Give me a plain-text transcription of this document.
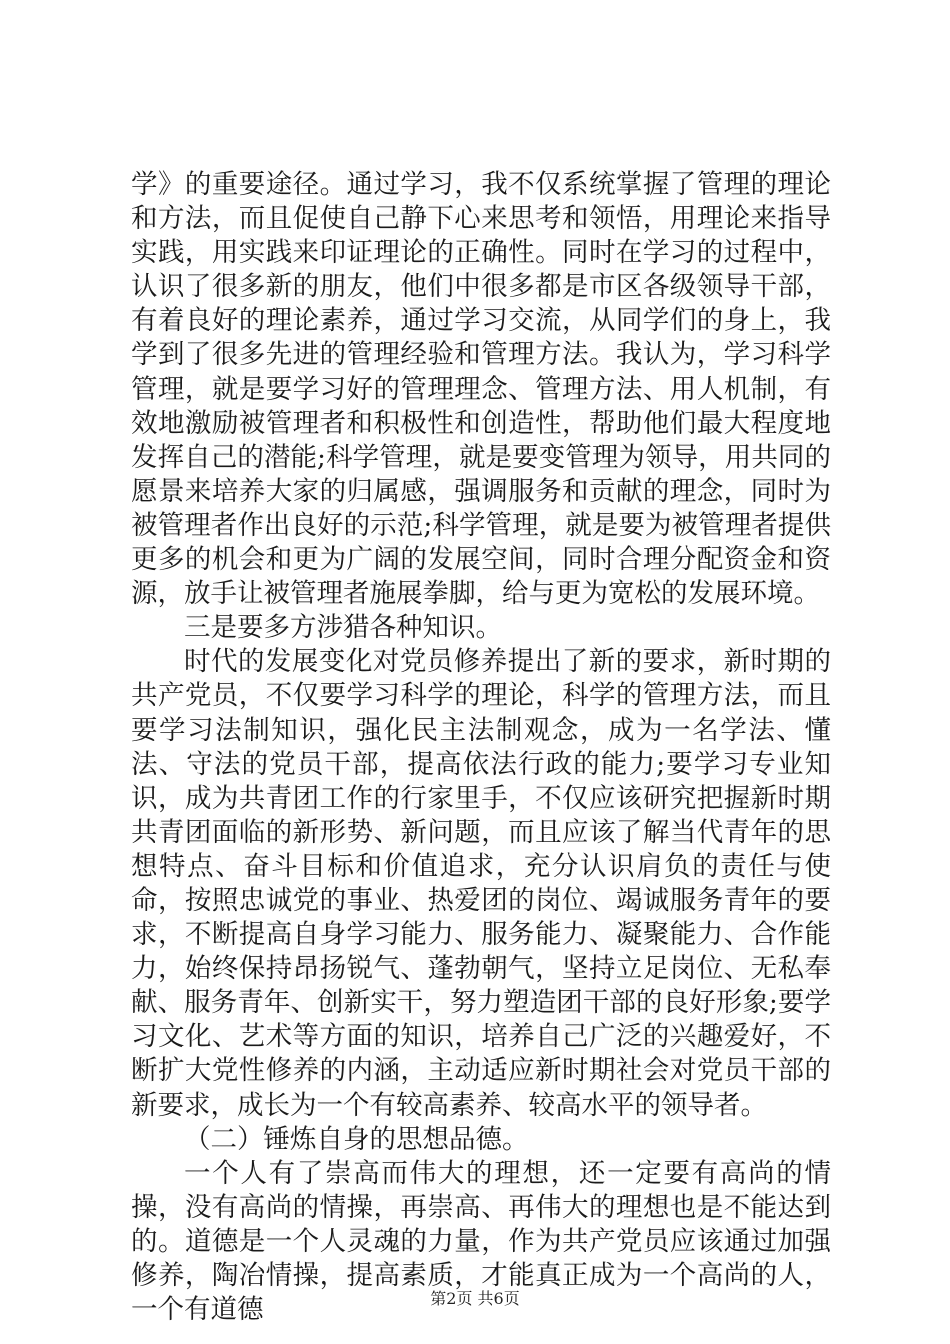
学》的重要途径。通过学习，我不仅系统掌握了管理的理论和方法，而且促使自己静下心来思考和领悟，用理论来指导实践，用实践来印证理论的正确性。同时在学习的过程中，认识了很多新的朋友，他们中很多都是市区各级领导干部，有着良好的理论素养，通过学习交流，从同学们的身上，我学到了很多先进的管理经验和管理方法。我认为，学习科学管理，就是要学习好的管理理念、管理方法、用人机制，有效地激励被管理者和积极性和创造性，帮助他们最大程度地发挥自己的潜能;科学管理，就是要变管理为领导，用共同的愿景来培养大家的归属感，强调服务和贡献的理念，同时为被管理者作出良好的示范;科学管理，就是要为被管理者提供更多的机会和更为广阔的发展空间，同时合理分配资金和资源，放手让被管理者施展拳脚，给与更为宽松的发展环境。

三是要多方涉猎各种知识。

时代的发展变化对党员修养提出了新的要求，新时期的共产党员，不仅要学习科学的理论，科学的管理方法，而且要学习法制知识，强化民主法制观念，成为一名学法、懂法、守法的党员干部，提高依法行政的能力;要学习专业知识，成为共青团工作的行家里手，不仅应该研究把握新时期共青团面临的新形势、新问题，而且应该了解当代青年的思想特点、奋斗目标和价值追求，充分认识肩负的责任与使命，按照忠诚党的事业、热爱团的岗位、竭诚服务青年的要求，不断提高自身学习能力、服务能力、凝聚能力、合作能力，始终保持昂扬锐气、蓬勃朝气，坚持立足岗位、无私奉献、服务青年、创新实干，努力塑造团干部的良好形象;要学习文化、艺术等方面的知识，培养自己广泛的兴趣爱好，不断扩大党性修养的内涵，主动适应新时期社会对党员干部的新要求，成长为一个有较高素养、较高水平的领导者。

（二）锤炼自身的思想品德。

一个人有了崇高而伟大的理想，还一定要有高尚的情操，没有高尚的情操，再崇高、再伟大的理想也是不能达到的。道德是一个人灵魂的力量，作为共产党员应该通过加强修养，陶冶情操，提高素质，才能真正成为一个高尚的人，一个有道德	第2页 共6页
